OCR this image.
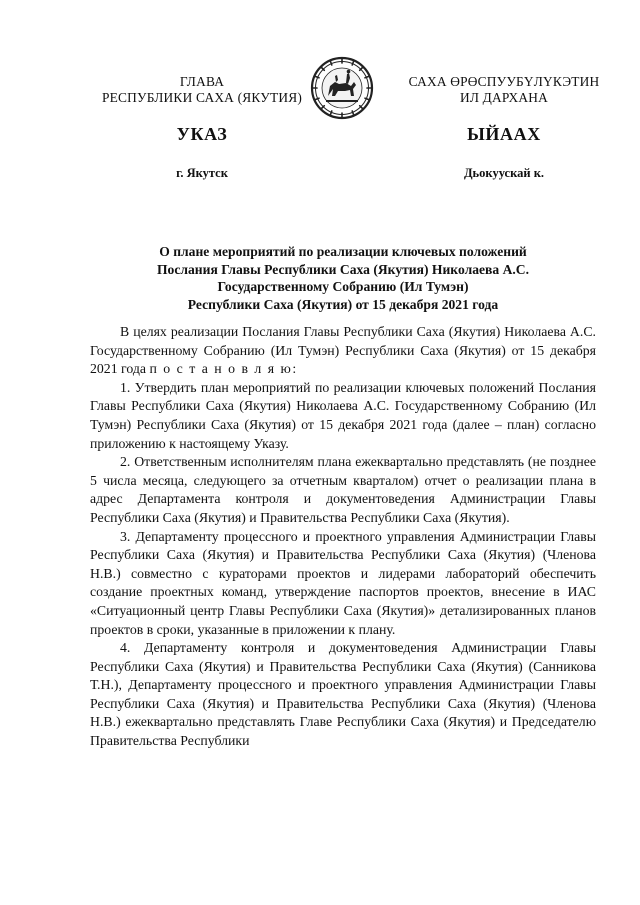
ГЛАВА
РЕСПУБЛИКИ САХА (ЯКУТИЯ)
САХА ӨРӨСПУУБҮЛҮКЭТИН
ИЛ ДАРХАНА
УКАЗ	ЫЙААХ
г. Якутск	Дьокуускай к.
О плане мероприятий по реализации ключевых положений
Послания Главы Республики Саха (Якутия) Николаева А.С.
Государственному Собранию (Ил Тумэн)
Республики Саха (Якутия) от 15 декабря 2021 года

В целях реализации Послания Главы Республики Саха (Якутия) Николаева А.С. Государственному Собранию (Ил Тумэн) Республики Саха (Якутия) от 15 декабря 2021 года п о с т а н о в л я ю:

1. Утвердить план мероприятий по реализации ключевых положений Послания Главы Республики Саха (Якутия) Николаева А.С. Государственному Собранию (Ил Тумэн) Республики Саха (Якутия) от 15 декабря 2021 года (далее – план) согласно приложению к настоящему Указу.

2. Ответственным исполнителям плана ежеквартально представлять (не позднее 5 числа месяца, следующего за отчетным кварталом) отчет о реализации плана в адрес Департамента контроля и документоведения Администрации Главы Республики Саха (Якутия) и Правительства Республики Саха (Якутия).

3. Департаменту процессного и проектного управления Администрации Главы Республики Саха (Якутия) и Правительства Республики Саха (Якутия) (Членова Н.В.) совместно с кураторами проектов и лидерами лабораторий обеспечить создание проектных команд, утверждение паспортов проектов, внесение в ИАС «Ситуационный центр Главы Республики Саха (Якутия)» детализированных планов проектов в сроки, указанные в приложении к плану.

4. Департаменту контроля и документоведения Администрации Главы Республики Саха (Якутия) и Правительства Республики Саха (Якутия) (Санникова Т.Н.), Департаменту процессного и проектного управления Администрации Главы Республики Саха (Якутия) и Правительства Республики Саха (Якутия) (Членова Н.В.) ежеквартально представлять Главе Республики Саха (Якутия) и Председателю Правительства Республики
